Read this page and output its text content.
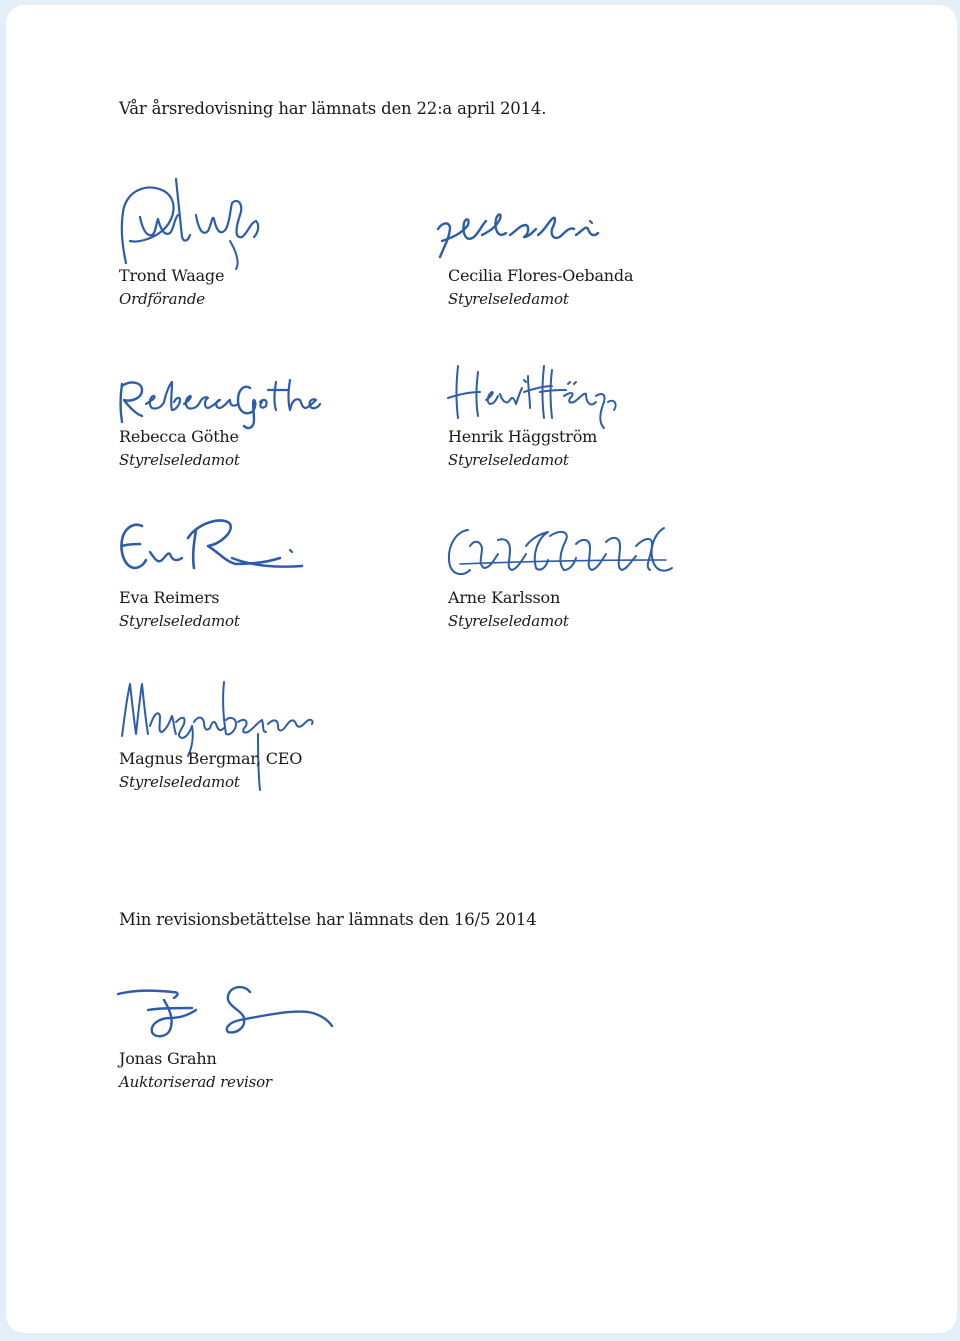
Vår årsredovisning har lämnats den 22:a april 2014.
Trond Waage
Ordförande
Cecilia Flores-Oebanda
Styrelseledamot
Rebecca Göthe
Styrelseledamot
Henrik Häggström
Styrelseledamot
Eva Reimers
Styrelseledamot
Arne Karlsson
Styrelseledamot
Magnus Bergmar, CEO
Styrelseledamot
Min revisionsbetättelse har lämnats den 16/5 2014
Jonas Grahn
Auktoriserad revisor
